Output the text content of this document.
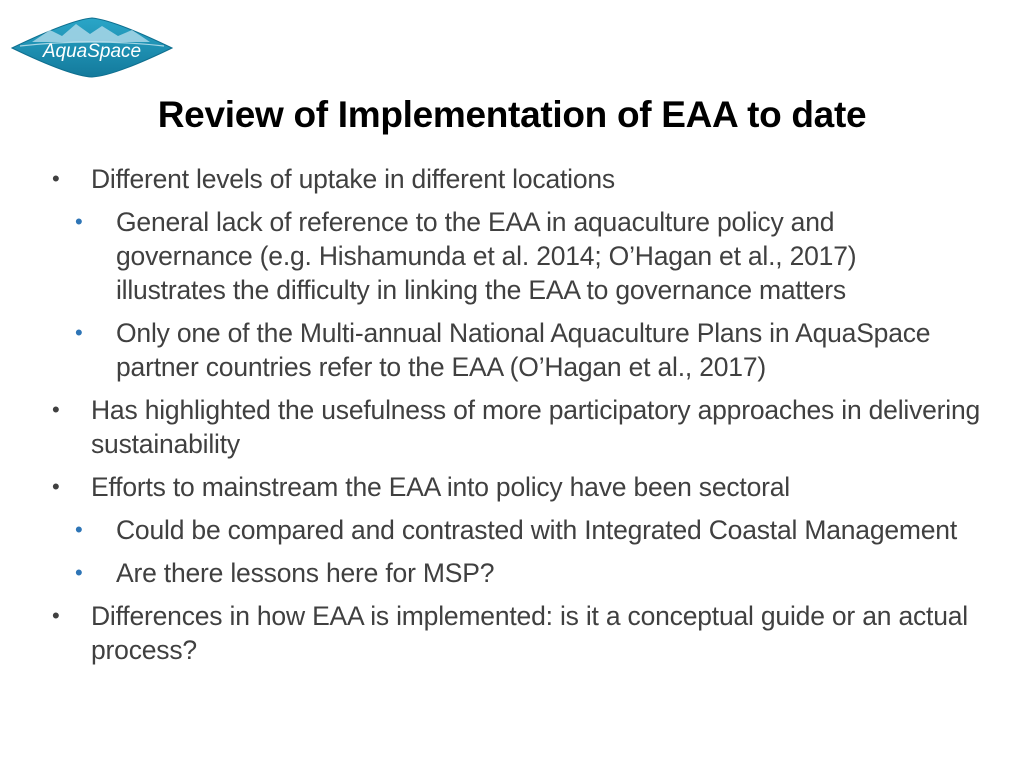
AquaSpace
Review of Implementation of EAA to date
• Different levels of uptake in different locations
• General lack of reference to the EAA in aquaculture policy and governance (e.g. Hishamunda et al. 2014; O’Hagan et al., 2017) illustrates the difficulty in linking the EAA to governance matters
• Only one of the Multi-annual National Aquaculture Plans in AquaSpace partner countries refer to the EAA (O’Hagan et al., 2017)
• Has highlighted the usefulness of more participatory approaches in delivering sustainability
• Efforts to mainstream the EAA into policy have been sectoral
• Could be compared and contrasted with Integrated Coastal Management
• Are there lessons here for MSP?
• Differences in how EAA is implemented: is it a conceptual guide or an actual process?
